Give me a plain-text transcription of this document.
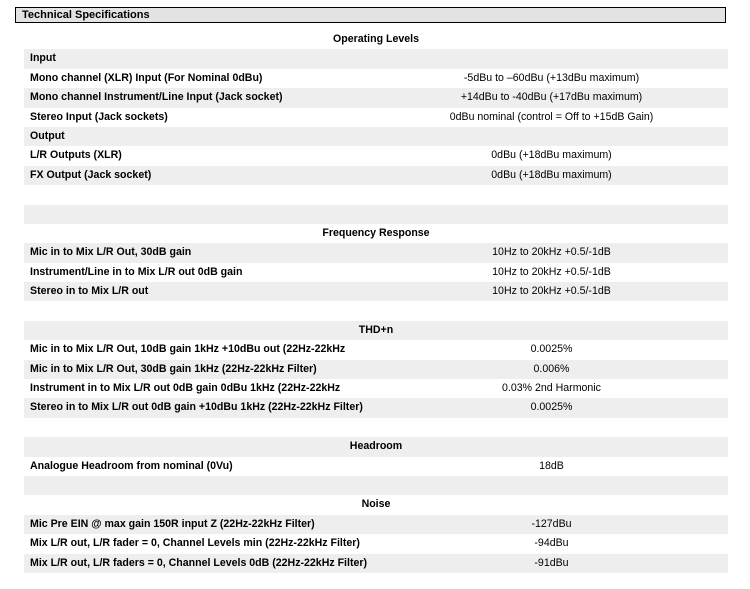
Technical Specifications
Operating Levels
Input
Mono channel (XLR) Input (For Nominal 0dBu)	-5dBu to –60dBu (+13dBu maximum)
Mono channel Instrument/Line Input (Jack socket)	+14dBu to -40dBu (+17dBu maximum)
Stereo Input (Jack sockets)	0dBu nominal (control = Off to +15dB Gain)
Output
L/R Outputs (XLR)	0dBu (+18dBu maximum)
FX Output (Jack socket)	0dBu (+18dBu maximum)
Frequency Response
Mic in to Mix L/R Out, 30dB gain	10Hz to 20kHz +0.5/-1dB
Instrument/Line in to Mix L/R out 0dB gain	10Hz to 20kHz +0.5/-1dB
Stereo in to Mix L/R out	10Hz to 20kHz +0.5/-1dB
THD+n
Mic in to Mix L/R Out, 10dB gain 1kHz +10dBu out (22Hz-22kHz	0.0025%
Mic in to Mix L/R Out, 30dB gain 1kHz (22Hz-22kHz Filter)	0.006%
Instrument in to Mix L/R out 0dB gain 0dBu 1kHz (22Hz-22kHz	0.03% 2nd Harmonic
Stereo in to Mix L/R out 0dB gain +10dBu 1kHz (22Hz-22kHz Filter)	0.0025%
Headroom
Analogue Headroom from nominal (0Vu)	18dB
Noise
Mic Pre EIN @ max gain 150R input Z (22Hz-22kHz Filter)	-127dBu
Mix L/R out, L/R fader = 0, Channel Levels min (22Hz-22kHz Filter)	-94dBu
Mix L/R out, L/R faders = 0, Channel Levels 0dB (22Hz-22kHz Filter)	-91dBu
